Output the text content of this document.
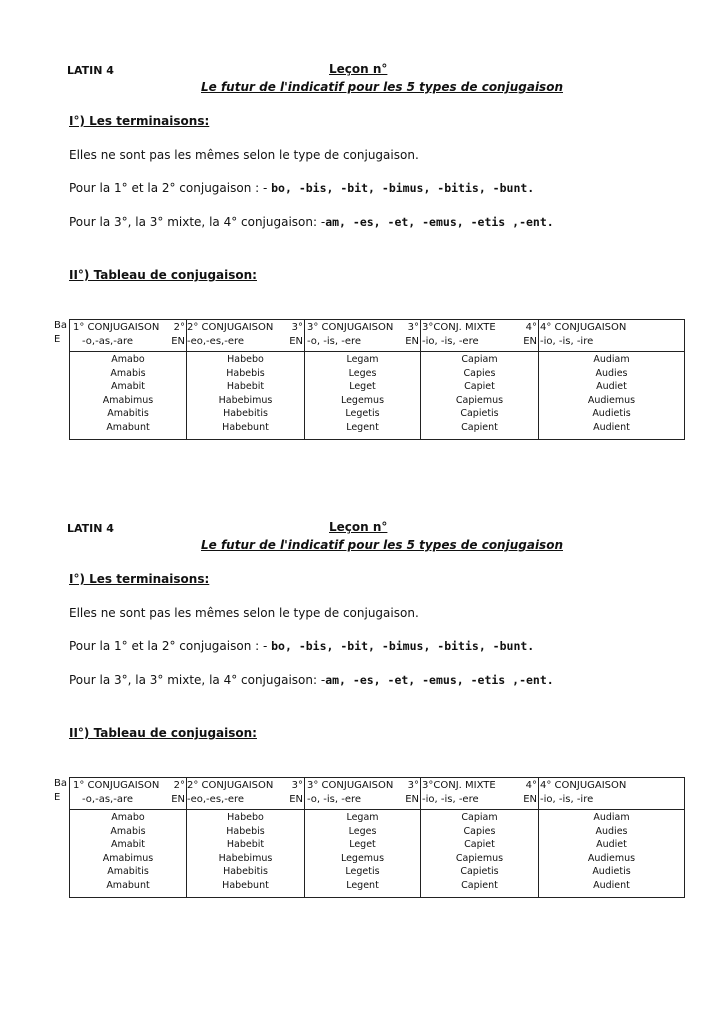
LATIN 4	Leçon n°
Le futur de l'indicatif pour les 5 types de conjugaison
I°) Les terminaisons:
Elles ne sont pas les mêmes selon le type de conjugaison.
Pour la 1° et la 2° conjugaison : - bo, -bis, -bit, -bimus, -bitis, -bunt.
Pour la 3°, la 3° mixte, la 4° conjugaison: -am, -es, -et, -emus, -etis ,-ent.
II°) Tableau de conjugaison:
Ba
E
1° CONJUGAISON
-o,-as,-are
2°
EN
2° CONJUGAISON
-eo,-es,-ere
3°
EN
3° CONJUGAISON
-o, -is, -ere
3°
EN
3°CONJ. MIXTE
-io, -is, -ere
4°
EN
4° CONJUGAISON
-io, -is, -ire
Amabo
Amabis
Amabit
Amabimus
Amabitis
Amabunt
Habebo
Habebis
Habebit
Habebimus
Habebitis
Habebunt
Legam
Leges
Leget
Legemus
Legetis
Legent
Capiam
Capies
Capiet
Capiemus
Capietis
Capient
Audiam
Audies
Audiet
Audiemus
Audietis
Audient
LATIN 4	Leçon n°
Le futur de l'indicatif pour les 5 types de conjugaison
I°) Les terminaisons:
Elles ne sont pas les mêmes selon le type de conjugaison.
Pour la 1° et la 2° conjugaison : - bo, -bis, -bit, -bimus, -bitis, -bunt.
Pour la 3°, la 3° mixte, la 4° conjugaison: -am, -es, -et, -emus, -etis ,-ent.
II°) Tableau de conjugaison:
Ba
E
1° CONJUGAISON
-o,-as,-are
2°
EN
2° CONJUGAISON
-eo,-es,-ere
3°
EN
3° CONJUGAISON
-o, -is, -ere
3°
EN
3°CONJ. MIXTE
-io, -is, -ere
4°
EN
4° CONJUGAISON
-io, -is, -ire
Amabo
Amabis
Amabit
Amabimus
Amabitis
Amabunt
Habebo
Habebis
Habebit
Habebimus
Habebitis
Habebunt
Legam
Leges
Leget
Legemus
Legetis
Legent
Capiam
Capies
Capiet
Capiemus
Capietis
Capient
Audiam
Audies
Audiet
Audiemus
Audietis
Audient
